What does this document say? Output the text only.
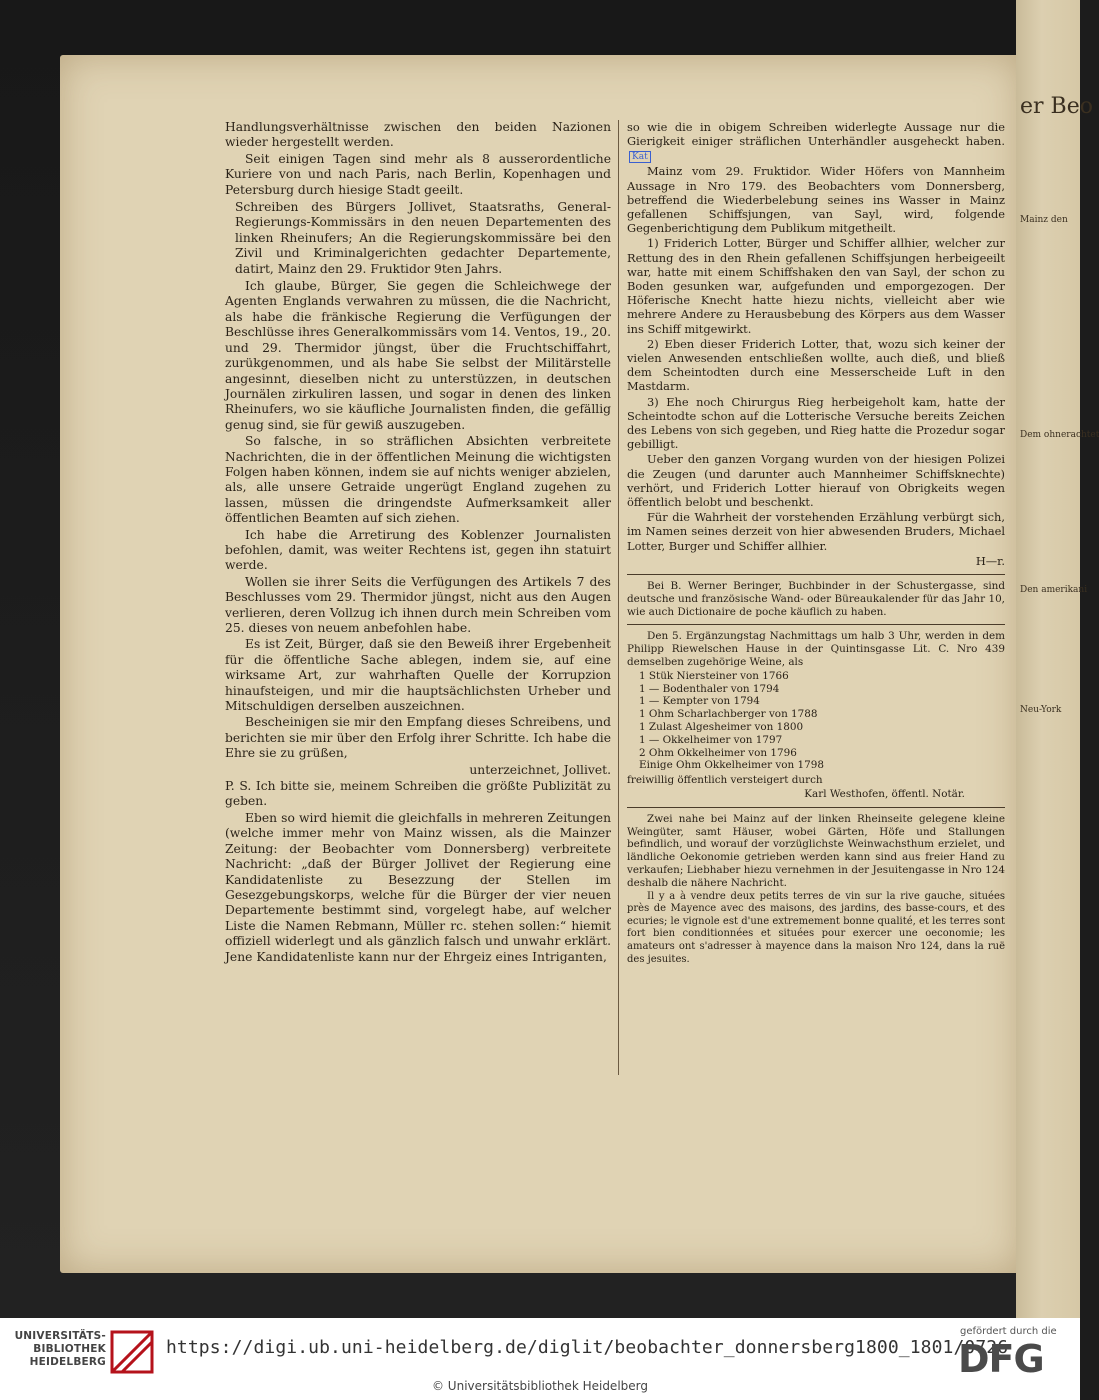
Handlungsverhältnisse zwischen den beiden Nazionen wieder hergestellt werden.

Seit einigen Tagen sind mehr als 8 ausserordentliche Kuriere von und nach Paris, nach Berlin, Kopenhagen und Petersburg durch hiesige Stadt geeilt.

Schreiben des Bürgers Jollivet, Staatsraths, General-Regierungs-Kommissärs in den neuen Departementen des linken Rheinufers; An die Regierungskommissäre bei den Zivil und Kriminalgerichten gedachter Departemente, datirt, Mainz den 29. Fruktidor 9ten Jahrs.

Ich glaube, Bürger, Sie gegen die Schleichwege der Agenten Englands verwahren zu müssen, die die Nachricht, als habe die fränkische Regierung die Verfügungen der Beschlüsse ihres Generalkommissärs vom 14. Ventos, 19., 20. und 29. Thermidor jüngst, über die Fruchtschiffahrt, zurükgenommen, und als habe Sie selbst der Militärstelle angesinnt, dieselben nicht zu unterstüzzen, in deutschen Journälen zirkuliren lassen, und sogar in denen des linken Rheinufers, wo sie käufliche Journalisten finden, die gefällig genug sind, sie für gewiß auszugeben.

So falsche, in so sträflichen Absichten verbreitete Nachrichten, die in der öffentlichen Meinung die wichtigsten Folgen haben können, indem sie auf nichts weniger abzielen, als, alle unsere Getraide ungerügt England zugehen zu lassen, müssen die dringendste Aufmerksamkeit aller öffentlichen Beamten auf sich ziehen.

Ich habe die Arretirung des Koblenzer Journalisten befohlen, damit, was weiter Rechtens ist, gegen ihn statuirt werde.

Wollen sie ihrer Seits die Verfügungen des Artikels 7 des Beschlusses vom 29. Thermidor jüngst, nicht aus den Augen verlieren, deren Vollzug ich ihnen durch mein Schreiben vom 25. dieses von neuem anbefohlen habe.

Es ist Zeit, Bürger, daß sie den Beweiß ihrer Ergebenheit für die öffentliche Sache ablegen, indem sie, auf eine wirksame Art, zur wahrhaften Quelle der Korrupzion hinaufsteigen, und mir die hauptsächlichsten Urheber und Mitschuldigen derselben auszeichnen.

Bescheinigen sie mir den Empfang dieses Schreibens, und berichten sie mir über den Erfolg ihrer Schritte. Ich habe die Ehre sie zu grüßen,

unterzeichnet, Jollivet.

P. S. Ich bitte sie, meinem Schreiben die größte Publizität zu geben.

Eben so wird hiemit die gleichfalls in mehreren Zeitungen (welche immer mehr von Mainz wissen, als die Mainzer Zeitung: der Beobachter vom Donnersberg) verbreitete Nachricht: „daß der Bürger Jollivet der Regierung eine Kandidatenliste zu Besezzung der Stellen im Gesezgebungskorps, welche für die Bürger der vier neuen Departemente bestimmt sind, vorgelegt habe, auf welcher Liste die Namen Rebmann, Müller rc. stehen sollen:“ hiemit offiziell widerlegt und als gänzlich falsch und unwahr erklärt. Jene Kandidatenliste kann nur der Ehrgeiz eines Intriganten,

so wie die in obigem Schreiben widerlegte Aussage nur die Gierigkeit einiger sträflichen Unterhändler ausgeheckt haben. Kat

Mainz vom 29. Fruktidor. Wider Höfers von Mannheim Aussage in Nro 179. des Beobachters vom Donnersberg, betreffend die Wiederbelebung seines ins Wasser in Mainz gefallenen Schiffsjungen, van Sayl, wird, folgende Gegenberichtigung dem Publikum mitgetheilt.

1) Friderich Lotter, Bürger und Schiffer allhier, welcher zur Rettung des in den Rhein gefallenen Schiffsjungen herbeigeeilt war, hatte mit einem Schiffshaken den van Sayl, der schon zu Boden gesunken war, aufgefunden und emporgezogen. Der Höferische Knecht hatte hiezu nichts, vielleicht aber wie mehrere Andere zu Herausbebung des Körpers aus dem Wasser ins Schiff mitgewirkt.

2) Eben dieser Friderich Lotter, that, wozu sich keiner der vielen Anwesenden entschließen wollte, auch dieß, und bließ dem Scheintodten durch eine Messerscheide Luft in den Mastdarm.

3) Ehe noch Chirurgus Rieg herbeigeholt kam, hatte der Scheintodte schon auf die Lotterische Versuche bereits Zeichen des Lebens von sich gegeben, und Rieg hatte die Prozedur sogar gebilligt.

Ueber den ganzen Vorgang wurden von der hiesigen Polizei die Zeugen (und darunter auch Mannheimer Schiffsknechte) verhört, und Friderich Lotter hierauf von Obrigkeits wegen öffentlich belobt und beschenkt.

Für die Wahrheit der vorstehenden Erzählung verbürgt sich, im Namen seines derzeit von hier abwesenden Bruders, Michael Lotter, Burger und Schiffer allhier.

H—r.

Bei B. Werner Beringer, Buchbinder in der Schustergasse, sind deutsche und französische Wand- oder Büreaukalender für das Jahr 10, wie auch Dictionaire de poche käuflich zu haben.

Den 5. Ergänzungstag Nachmittags um halb 3 Uhr, werden in dem Philipp Riewelschen Hause in der Quintinsgasse Lit. C. Nro 439 demselben zugehörige Weine, als

1 Stük Niersteiner von 1766
1 — Bodenthaler von 1794
1 — Kempter von 1794
1 Ohm Scharlachberger von 1788
1 Zulast Algesheimer von 1800
1 — Okkelheimer von 1797
2 Ohm Okkelheimer von 1796
Einige Ohm Okkelheimer von 1798

freiwillig öffentlich versteigert durch

Karl Westhofen, öffentl. Notär.

Zwei nahe bei Mainz auf der linken Rheinseite gelegene kleine Weingüter, samt Häuser, wobei Gärten, Höfe und Stallungen befindlich, und worauf der vorzüglichste Weinwachsthum erzielet, und ländliche Oekonomie getrieben werden kann sind aus freier Hand zu verkaufen; Liebhaber hiezu vernehmen in der Jesuitengasse in Nro 124 deshalb die nähere Nachricht.

Il y a à vendre deux petits terres de vin sur la rive gauche, situées près de Mayence avec des maisons, des jardins, des basse-cours, et des ecuries; le vignole est d'une extremement bonne qualité, et les terres sont fort bien conditionnées et situées pour exercer une oeconomie; les amateurs ont s'adresser à mayence dans la maison Nro 124, dans la ruë des jesuites.

er Beo
Mainz den
Dem ohnerachtet
Den amerikani
Neu-York
UNIVERSITÄTS-
BIBLIOTHEK
HEIDELBERG
https://digi.ub.uni-heidelberg.de/diglit/beobachter_donnersberg1800_1801/0726
© Universitätsbibliothek Heidelberg
gefördert durch die
DFG
